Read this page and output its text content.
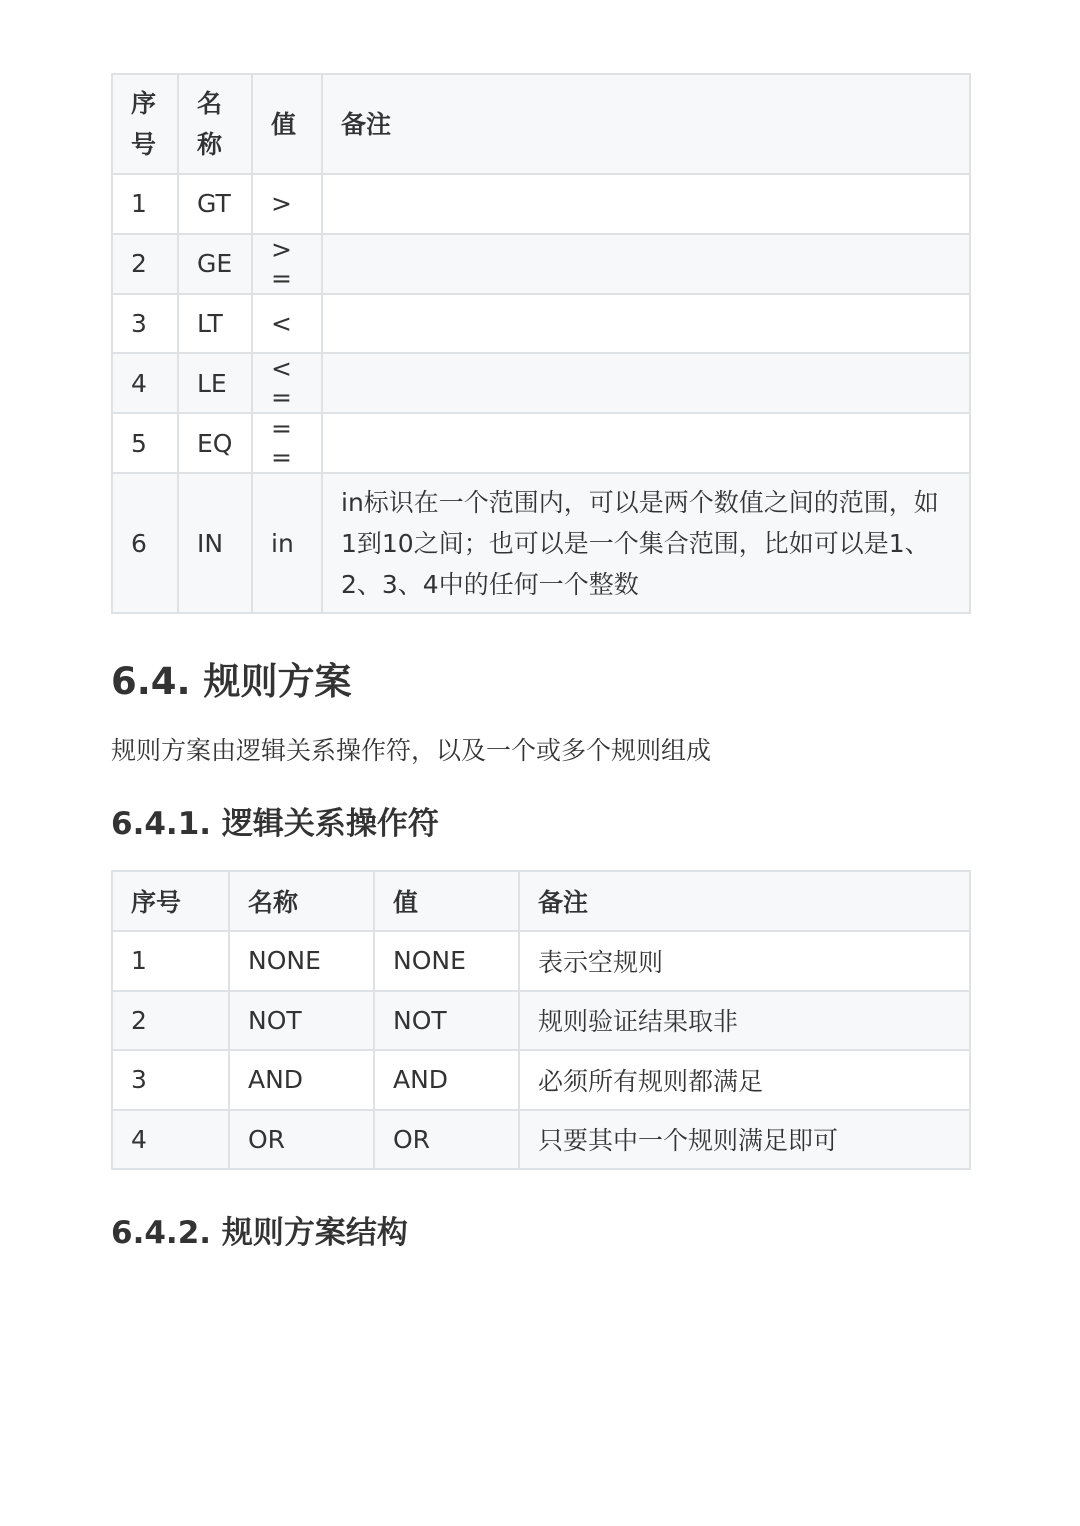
序号	名称	值	备注
1	GT	>	
2	GE	>=	
3	LT	<	
4	LE	<=	
5	EQ	==	
6	IN	in	in标识在一个范围内，可以是两个数值之间的范围，如1到10之间；也可以是一个集合范围，比如可以是1、2、3、4中的任何一个整数
6.4. 规则方案

规则方案由逻辑关系操作符，以及一个或多个规则组成

6.4.1. 逻辑关系操作符
序号	名称	值	备注
1	NONE	NONE	表示空规则
2	NOT	NOT	规则验证结果取非
3	AND	AND	必须所有规则都满足
4	OR	OR	只要其中一个规则满足即可
6.4.2. 规则方案结构
